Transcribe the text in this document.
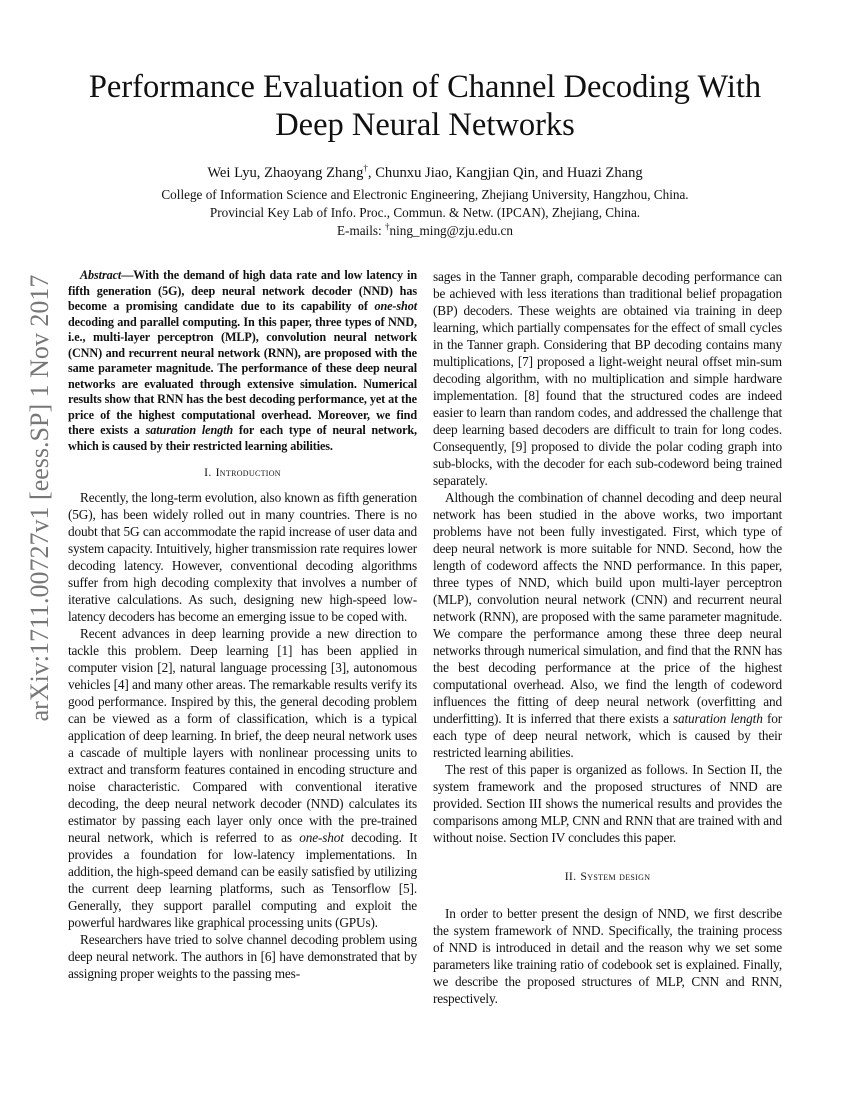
Performance Evaluation of Channel Decoding With
Deep Neural Networks
Wei Lyu, Zhaoyang Zhang†, Chunxu Jiao, Kangjian Qin, and Huazi Zhang
College of Information Science and Electronic Engineering, Zhejiang University, Hangzhou, China.
Provincial Key Lab of Info. Proc., Commun. & Netw. (IPCAN), Zhejiang, China.
E-mails: †ning_ming@zju.edu.cn
arXiv:1711.00727v1 [eess.SP] 1 Nov 2017	Abstract—With the demand of high data rate and low latency in fifth generation (5G), deep neural network decoder (NND) has become a promising candidate due to its capability of one-shot decoding and parallel computing. In this paper, three types of NND, i.e., multi-layer perceptron (MLP), convolution neural network (CNN) and recurrent neural network (RNN), are proposed with the same parameter magnitude. The performance of these deep neural networks are evaluated through extensive simulation. Numerical results show that RNN has the best decoding performance, yet at the price of the highest computational overhead. Moreover, we find there exists a saturation length for each type of neural network, which is caused by their restricted learning abilities.

I. Introduction

Recently, the long-term evolution, also known as fifth generation (5G), has been widely rolled out in many countries. There is no doubt that 5G can accommodate the rapid increase of user data and system capacity. Intuitively, higher transmission rate requires lower decoding latency. However, conventional decoding algorithms suffer from high decoding complexity that involves a number of iterative calculations. As such, designing new high-speed low-latency decoders has become an emerging issue to be coped with.

Recent advances in deep learning provide a new direction to tackle this problem. Deep learning [1] has been applied in computer vision [2], natural language processing [3], autonomous vehicles [4] and many other areas. The remarkable results verify its good performance. Inspired by this, the general decoding problem can be viewed as a form of classification, which is a typical application of deep learning. In brief, the deep neural network uses a cascade of multiple layers with nonlinear processing units to extract and transform features contained in encoding structure and noise characteristic. Compared with conventional iterative decoding, the deep neural network decoder (NND) calculates its estimator by passing each layer only once with the pre-trained neural network, which is referred to as one-shot decoding. It provides a foundation for low-latency implementations. In addition, the high-speed demand can be easily satisfied by utilizing the current deep learning platforms, such as Tensorflow [5]. Generally, they support parallel computing and exploit the powerful hardwares like graphical processing units (GPUs).

Researchers have tried to solve channel decoding problem using deep neural network. The authors in [6] have demonstrated that by assigning proper weights to the passing mes-

sages in the Tanner graph, comparable decoding performance can be achieved with less iterations than traditional belief propagation (BP) decoders. These weights are obtained via training in deep learning, which partially compensates for the effect of small cycles in the Tanner graph. Considering that BP decoding contains many multiplications, [7] proposed a light-weight neural offset min-sum decoding algorithm, with no multiplication and simple hardware implementation. [8] found that the structured codes are indeed easier to learn than random codes, and addressed the challenge that deep learning based decoders are difficult to train for long codes. Consequently, [9] proposed to divide the polar coding graph into sub-blocks, with the decoder for each sub-codeword being trained separately.

Although the combination of channel decoding and deep neural network has been studied in the above works, two important problems have not been fully investigated. First, which type of deep neural network is more suitable for NND. Second, how the length of codeword affects the NND performance. In this paper, three types of NND, which build upon multi-layer perceptron (MLP), convolution neural network (CNN) and recurrent neural network (RNN), are proposed with the same parameter magnitude. We compare the performance among these three deep neural networks through numerical simulation, and find that the RNN has the best decoding performance at the price of the highest computational overhead. Also, we find the length of codeword influences the fitting of deep neural network (overfitting and underfitting). It is inferred that there exists a saturation length for each type of deep neural network, which is caused by their restricted learning abilities.

The rest of this paper is organized as follows. In Section II, the system framework and the proposed structures of NND are provided. Section III shows the numerical results and provides the comparisons among MLP, CNN and RNN that are trained with and without noise. Section IV concludes this paper.

II. System design

In order to better present the design of NND, we first describe the system framework of NND. Specifically, the training process of NND is introduced in detail and the reason why we set some parameters like training ratio of codebook set is explained. Finally, we describe the proposed structures of MLP, CNN and RNN, respectively.
